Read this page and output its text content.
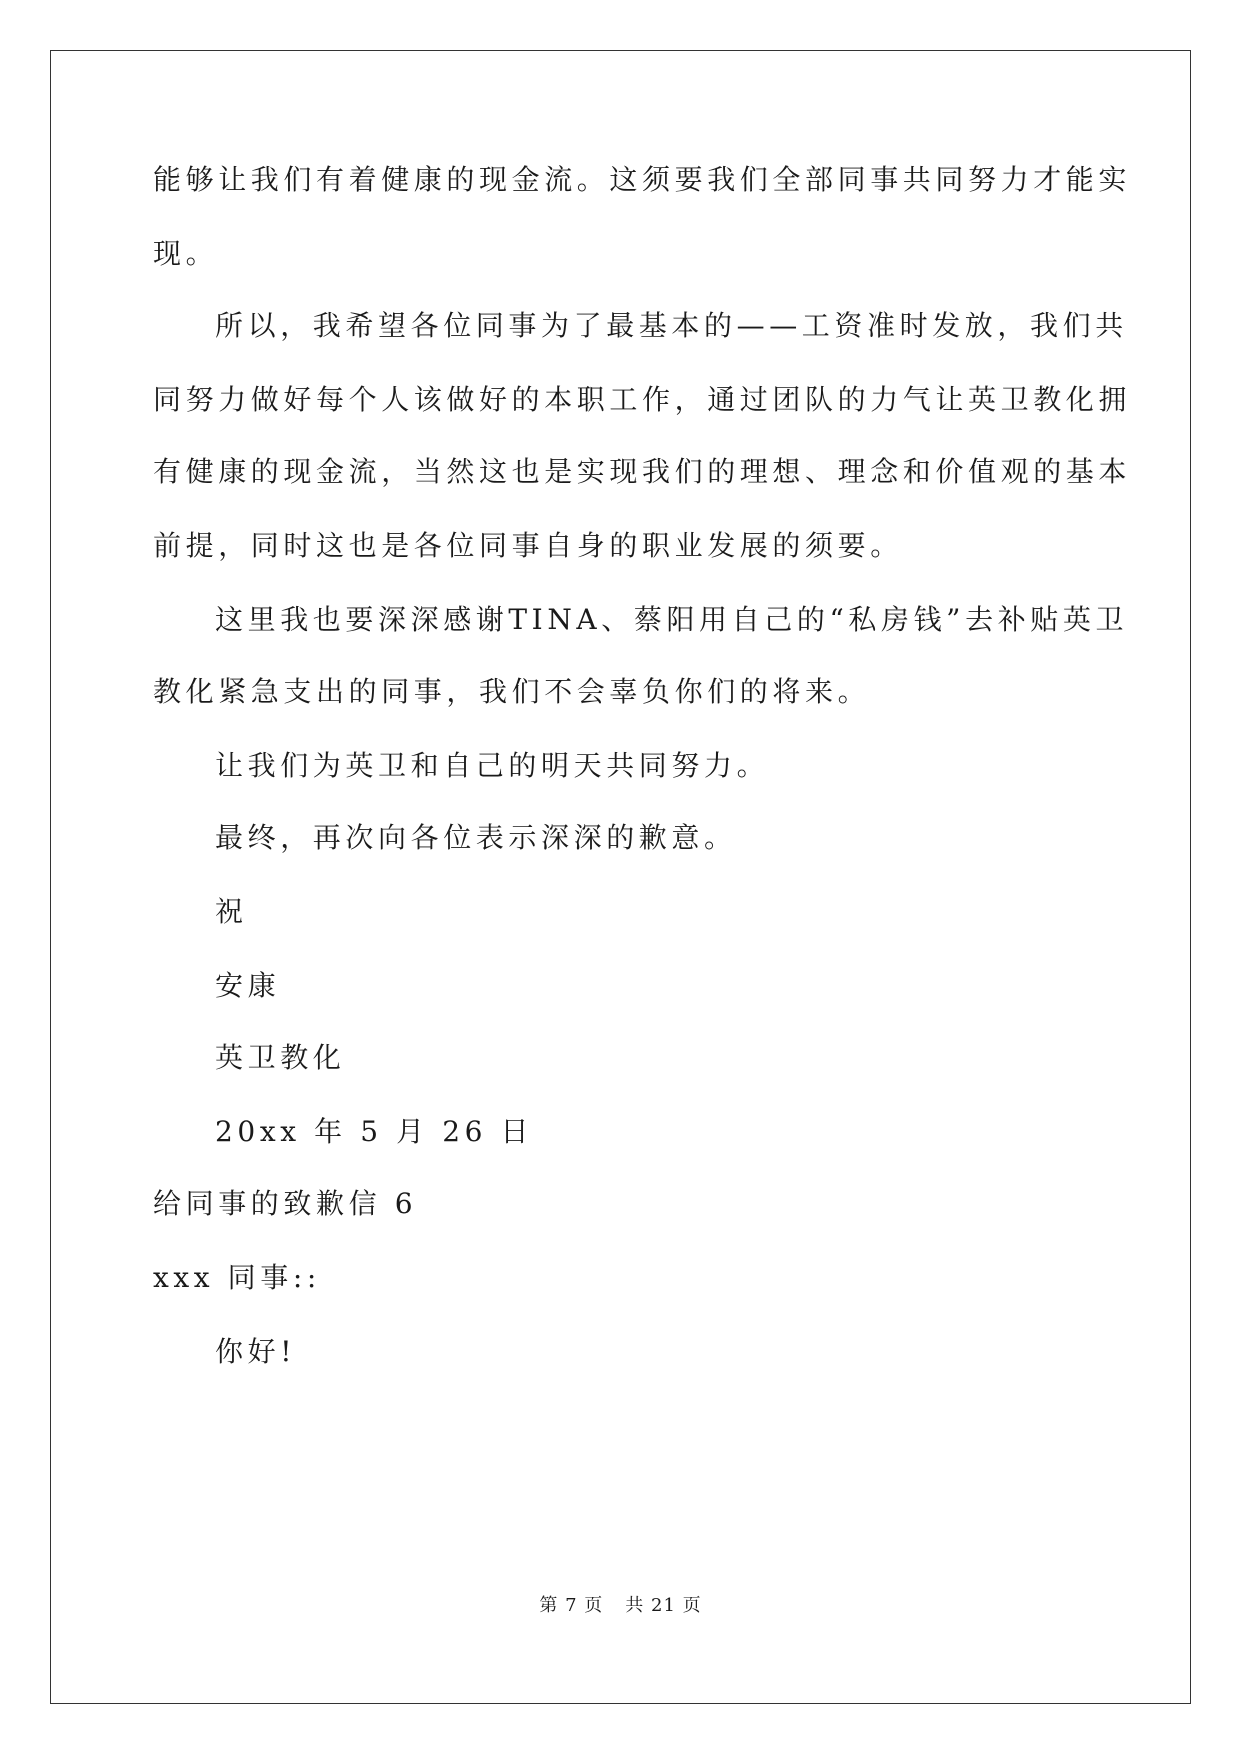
能够让我们有着健康的现金流。这须要我们全部同事共同努力才能实
现。
所以，我希望各位同事为了最基本的——工资准时发放，我们共
同努力做好每个人该做好的本职工作，通过团队的力气让英卫教化拥
有健康的现金流，当然这也是实现我们的理想、理念和价值观的基本
前提，同时这也是各位同事自身的职业发展的须要。
这里我也要深深感谢TINA、蔡阳用自己的“私房钱”去补贴英卫
教化紧急支出的同事，我们不会辜负你们的将来。
让我们为英卫和自己的明天共同努力。
最终，再次向各位表示深深的歉意。
祝
安康
英卫教化
20xx 年 5 月 26 日
给同事的致歉信 6
xxx 同事::
你好!
第 7 页 共 21 页
